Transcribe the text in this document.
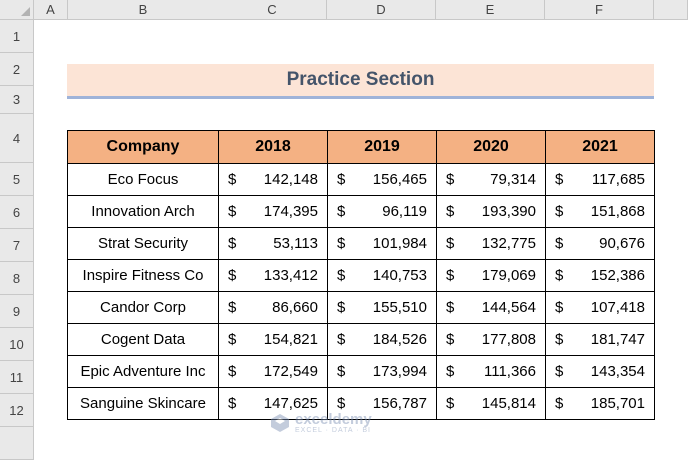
A	B	C	D	E	F
1
2
3
4
5
6
7
8
9
10
11
12
Practice Section
Company	2018	2019	2020	2021
Eco Focus	$ 142,148	$ 156,465	$ 79,314	$ 117,685

Innovation Arch	$ 174,395	$ 96,119	$ 193,390	$ 151,868

Strat Security	$ 53,113	$ 101,984	$ 132,775	$ 90,676

Inspire Fitness Co	$ 133,412	$ 140,753	$ 179,069	$ 152,386

Candor Corp	$ 86,660	$ 155,510	$ 144,564	$ 107,418

Cogent Data	$ 154,821	$ 184,526	$ 177,808	$ 181,747

Epic Adventure Inc	$ 172,549	$ 173,994	$ 111,366	$ 143,354

Sanguine Skincare	$ 147,625	$ 156,787	$ 145,814	$ 185,701
exceldemy
EXCEL · DATA · BI
